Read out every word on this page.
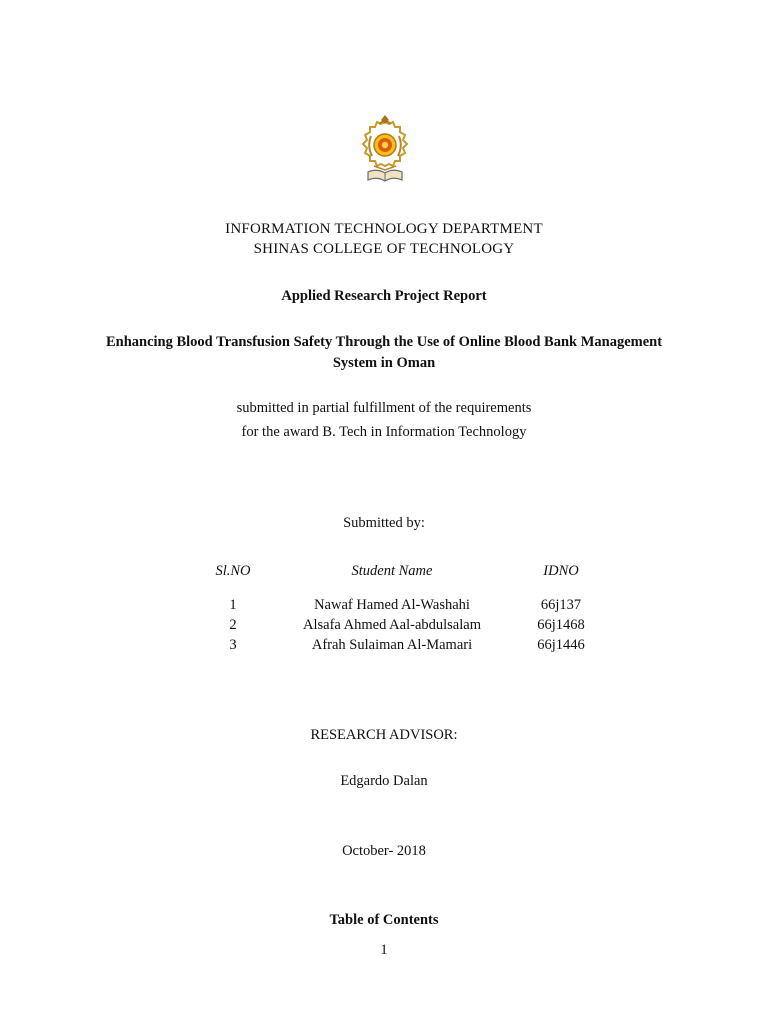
INFORMATION TECHNOLOGY DEPARTMENT
SHINAS COLLEGE OF TECHNOLOGY
Applied Research Project Report
Enhancing Blood Transfusion Safety Through the Use of Online Blood Bank Management
System in Oman
submitted in partial fulfillment of the requirements
for the award B. Tech in Information Technology
Submitted by:
Sl.NO	Student Name	IDNO
1	Nawaf Hamed Al-Washahi	66j137
2	Alsafa Ahmed Aal-abdulsalam	66j1468
3	Afrah Sulaiman Al-Mamari	66j1446
RESEARCH ADVISOR:
Edgardo Dalan
October- 2018
Table of Contents
1
